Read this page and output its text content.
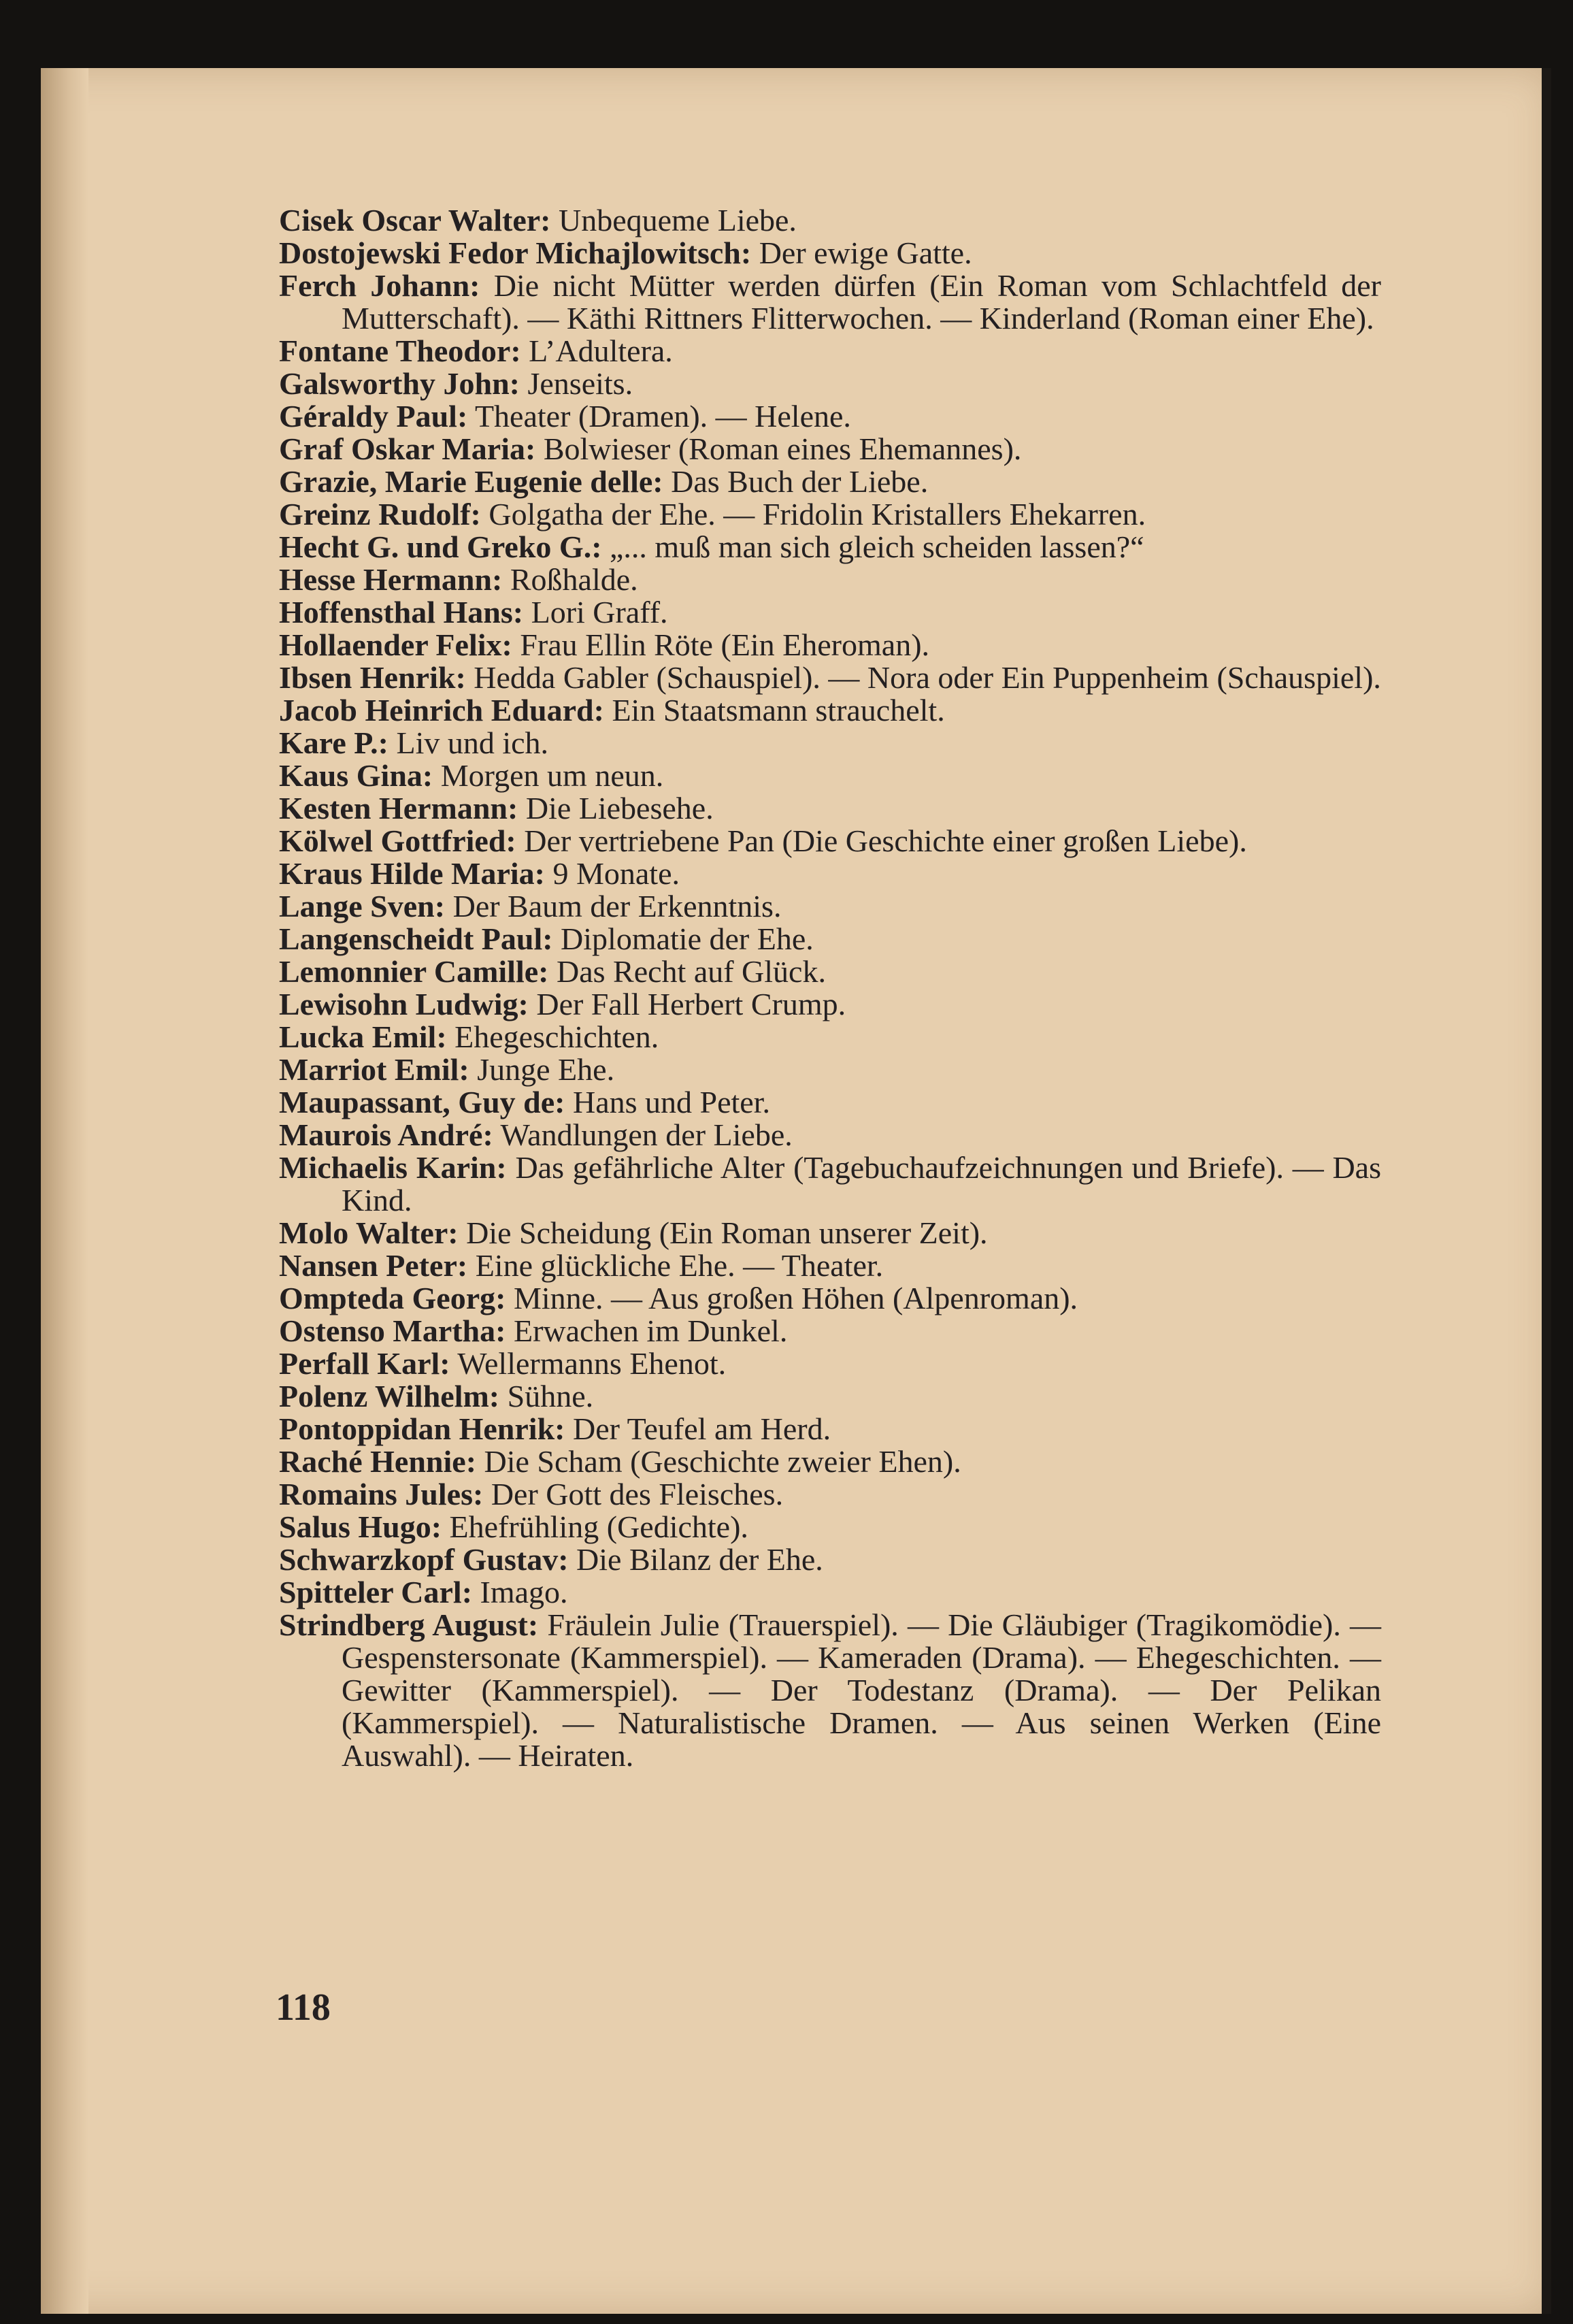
Cisek Oscar Walter: Unbequeme Liebe.
Dostojewski Fedor Michajlowitsch: Der ewige Gatte.
Ferch Johann: Die nicht Mütter werden dürfen (Ein Roman vom Schlachtfeld der Mutterschaft). — Käthi Rittners Flitterwochen. — Kinderland (Roman einer Ehe).
Fontane Theodor: L’Adultera.
Galsworthy John: Jenseits.
Géraldy Paul: Theater (Dramen). — Helene.
Graf Oskar Maria: Bolwieser (Roman eines Ehemannes).
Grazie, Marie Eugenie delle: Das Buch der Liebe.
Greinz Rudolf: Golgatha der Ehe. — Fridolin Kristallers Ehekarren.
Hecht G. und Greko G.: „... muß man sich gleich scheiden lassen?“
Hesse Hermann: Roßhalde.
Hoffensthal Hans: Lori Graff.
Hollaender Felix: Frau Ellin Röte (Ein Eheroman).
Ibsen Henrik: Hedda Gabler (Schauspiel). — Nora oder Ein Puppenheim (Schauspiel).
Jacob Heinrich Eduard: Ein Staatsmann strauchelt.
Kare P.: Liv und ich.
Kaus Gina: Morgen um neun.
Kesten Hermann: Die Liebesehe.
Kölwel Gottfried: Der vertriebene Pan (Die Geschichte einer großen Liebe).
Kraus Hilde Maria: 9 Monate.
Lange Sven: Der Baum der Erkenntnis.
Langenscheidt Paul: Diplomatie der Ehe.
Lemonnier Camille: Das Recht auf Glück.
Lewisohn Ludwig: Der Fall Herbert Crump.
Lucka Emil: Ehegeschichten.
Marriot Emil: Junge Ehe.
Maupassant, Guy de: Hans und Peter.
Maurois André: Wandlungen der Liebe.
Michaelis Karin: Das gefährliche Alter (Tagebuchaufzeichnungen und Briefe). — Das Kind.
Molo Walter: Die Scheidung (Ein Roman unserer Zeit).
Nansen Peter: Eine glückliche Ehe. — Theater.
Ompteda Georg: Minne. — Aus großen Höhen (Alpenroman).
Ostenso Martha: Erwachen im Dunkel.
Perfall Karl: Wellermanns Ehenot.
Polenz Wilhelm: Sühne.
Pontoppidan Henrik: Der Teufel am Herd.
Raché Hennie: Die Scham (Geschichte zweier Ehen).
Romains Jules: Der Gott des Fleisches.
Salus Hugo: Ehefrühling (Gedichte).
Schwarzkopf Gustav: Die Bilanz der Ehe.
Spitteler Carl: Imago.
Strindberg August: Fräulein Julie (Trauerspiel). — Die Gläubiger (Tragikomödie). — Gespenstersonate (Kammerspiel). — Kameraden (Drama). — Ehegeschichten. — Gewitter (Kammerspiel). — Der Todestanz (Drama). — Der Pelikan (Kammerspiel). — Naturalistische Dramen. — Aus seinen Werken (Eine Auswahl). — Heiraten.
118
